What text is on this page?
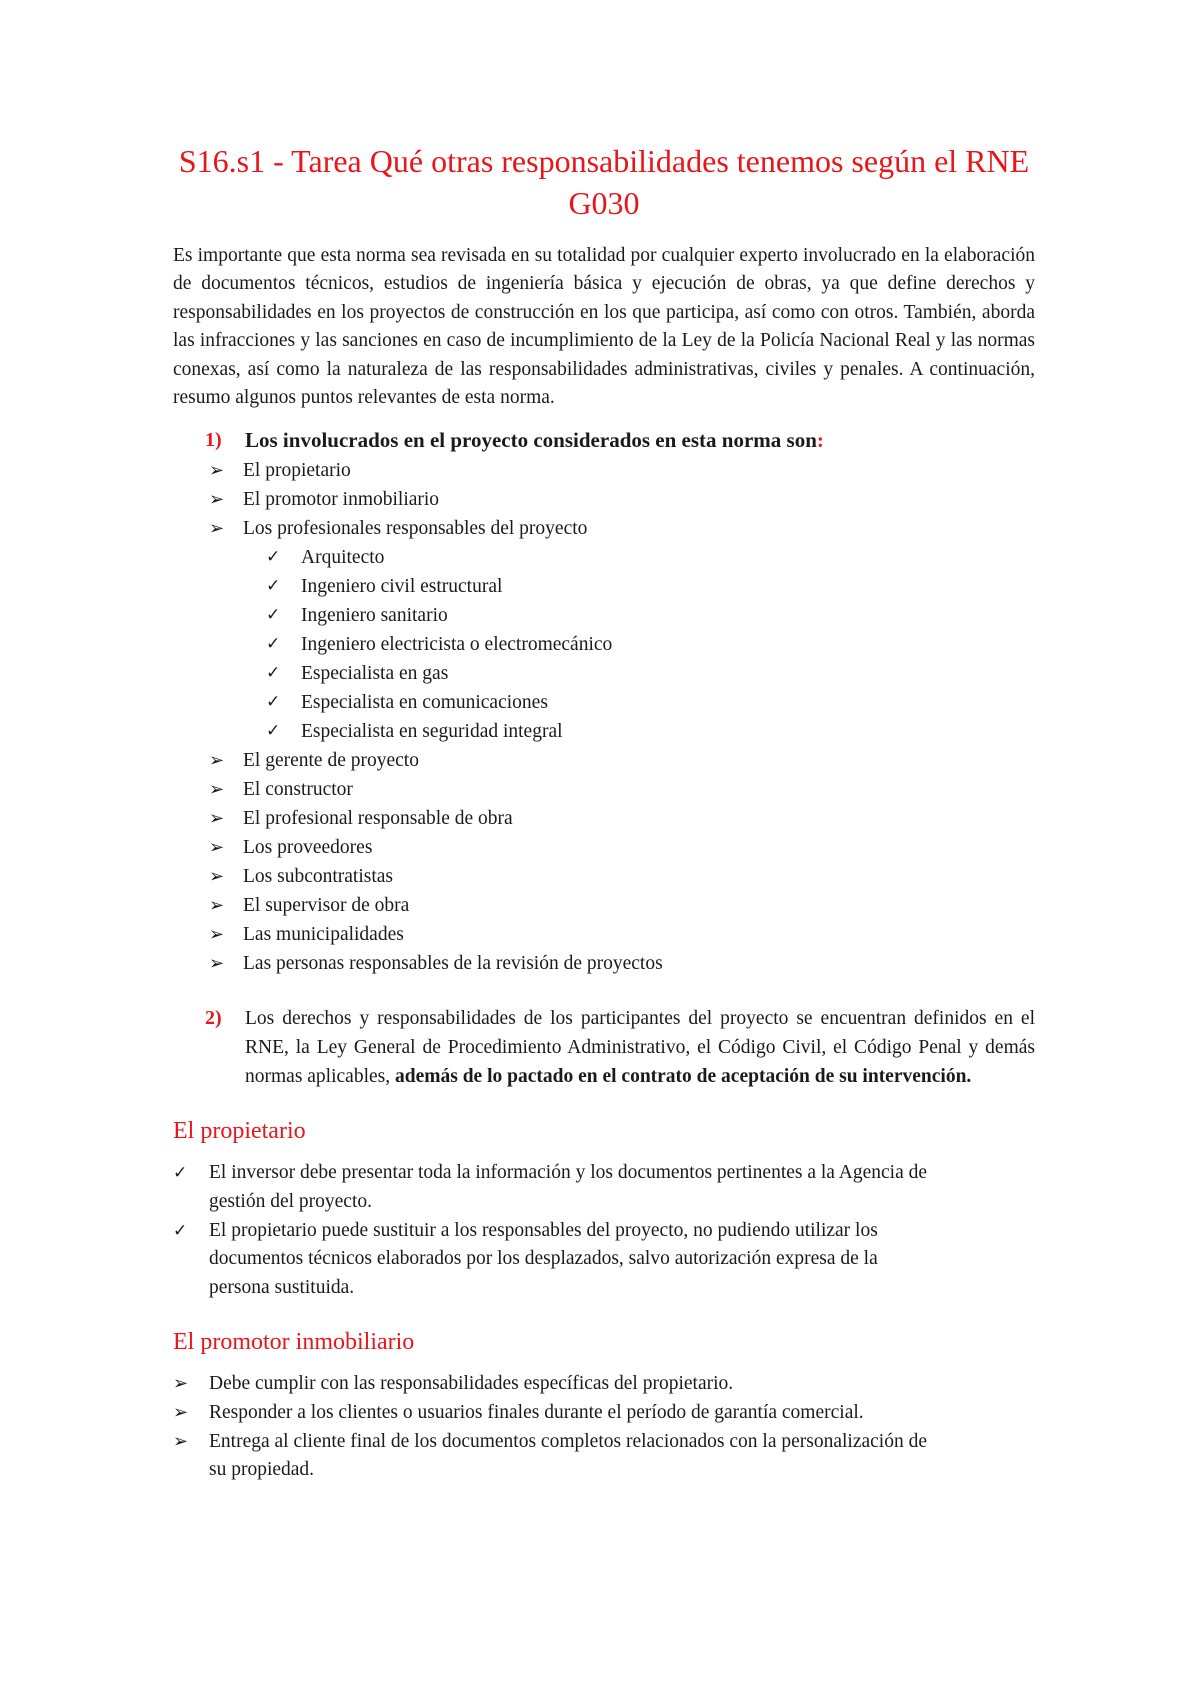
S16.s1 - Tarea Qué otras responsabilidades tenemos según el RNE G030

Es importante que esta norma sea revisada en su totalidad por cualquier experto involucrado en la elaboración de documentos técnicos, estudios de ingeniería básica y ejecución de obras, ya que define derechos y responsabilidades en los proyectos de construcción en los que participa, así como con otros. También, aborda las infracciones y las sanciones en caso de incumplimiento de la Ley de la Policía Nacional Real y las normas conexas, así como la naturaleza de las responsabilidades administrativas, civiles y penales. A continuación, resumo algunos puntos relevantes de esta norma.

1) Los involucrados en el proyecto considerados en esta norma son:
➢ El propietario
➢ El promotor inmobiliario
➢ Los profesionales responsables del proyecto
✓ Arquitecto
✓ Ingeniero civil estructural
✓ Ingeniero sanitario
✓ Ingeniero electricista o electromecánico
✓ Especialista en gas
✓ Especialista en comunicaciones
✓ Especialista en seguridad integral
➢ El gerente de proyecto
➢ El constructor
➢ El profesional responsable de obra
➢ Los proveedores
➢ Los subcontratistas
➢ El supervisor de obra
➢ Las municipalidades
➢ Las personas responsables de la revisión de proyectos
2) Los derechos y responsabilidades de los participantes del proyecto se encuentran definidos en el RNE, la Ley General de Procedimiento Administrativo, el Código Civil, el Código Penal y demás normas aplicables, además de lo pactado en el contrato de aceptación de su intervención.
El propietario
✓ El inversor debe presentar toda la información y los documentos pertinentes a la Agencia de gestión del proyecto.
✓ El propietario puede sustituir a los responsables del proyecto, no pudiendo utilizar los documentos técnicos elaborados por los desplazados, salvo autorización expresa de la persona sustituida.
El promotor inmobiliario
➢ Debe cumplir con las responsabilidades específicas del propietario.
➢ Responder a los clientes o usuarios finales durante el período de garantía comercial.
➢ Entrega al cliente final de los documentos completos relacionados con la personalización de su propiedad.
